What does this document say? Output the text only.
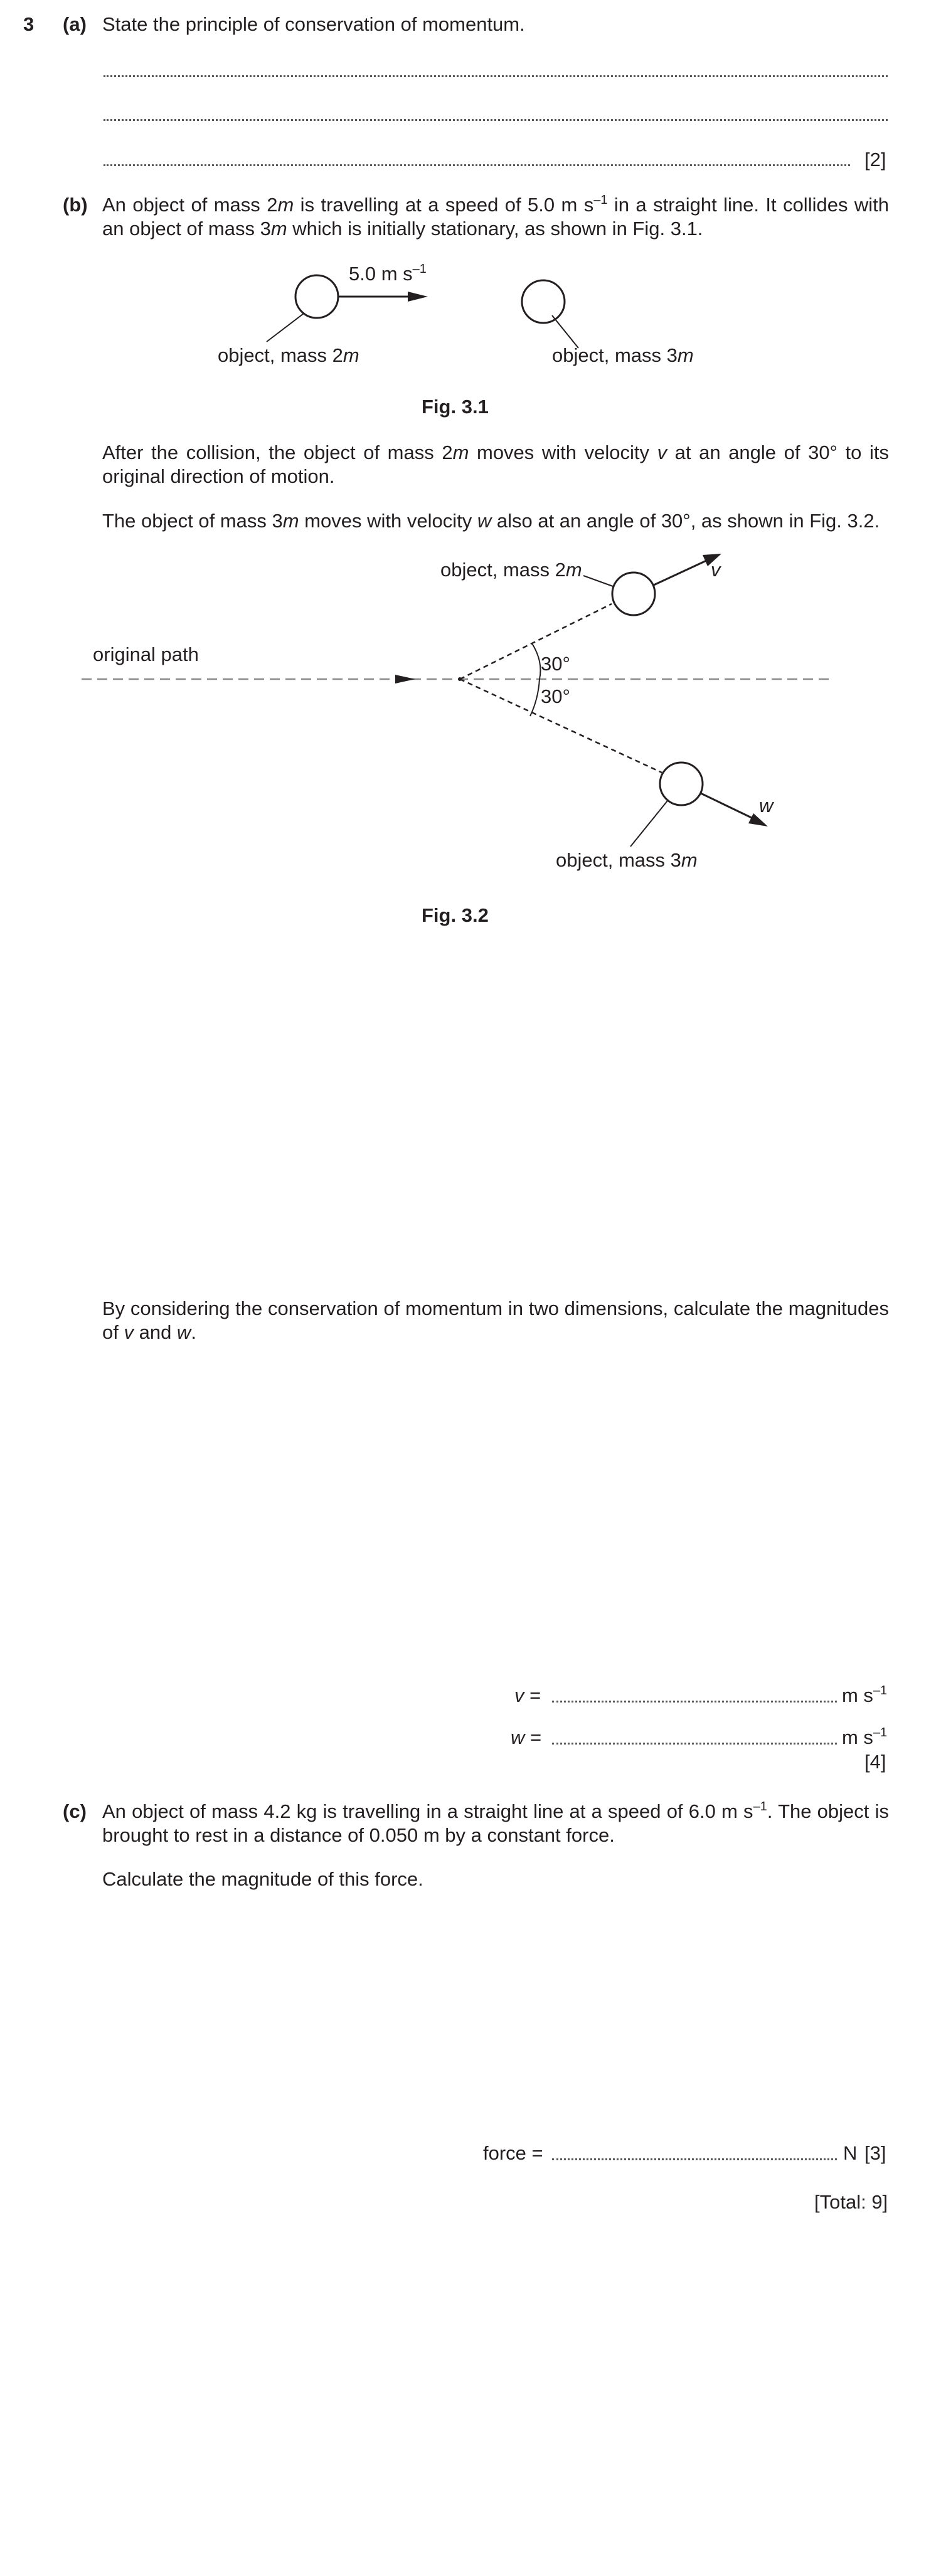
3 (a) State the principle of conservation of momentum.
[2]
(b) An object of mass 2m is travelling at a speed of 5.0 m $s^{-1}$ in a straight line. It collides with an object of mass 3m which is initially stationary, as shown in Fig. 3.1.
5.0 m $s^{-1}$
object, mass 2m	object, mass 3m
Fig. 3.1
After the collision, the object of mass 2m moves with velocity v at an angle of 30° to its original direction of motion.
The object of mass 3m moves with velocity w also at an angle of 30°, as shown in Fig. 3.2.
original path
object, mass 2m	v
30°
30°
w
object, mass 3m
Fig. 3.2
By considering the conservation of momentum in two dimensions, calculate the magnitudes of v and w.
v =	m $s^{-1}$
w =	m $s^{-1}$
[4]
(c) An object of mass 4.2 kg is travelling in a straight line at a speed of 6.0 m $s^{-1}$. The object is brought to rest in a distance of 0.050 m by a constant force.
Calculate the magnitude of this force.
force =	N [3]
[Total: 9]
